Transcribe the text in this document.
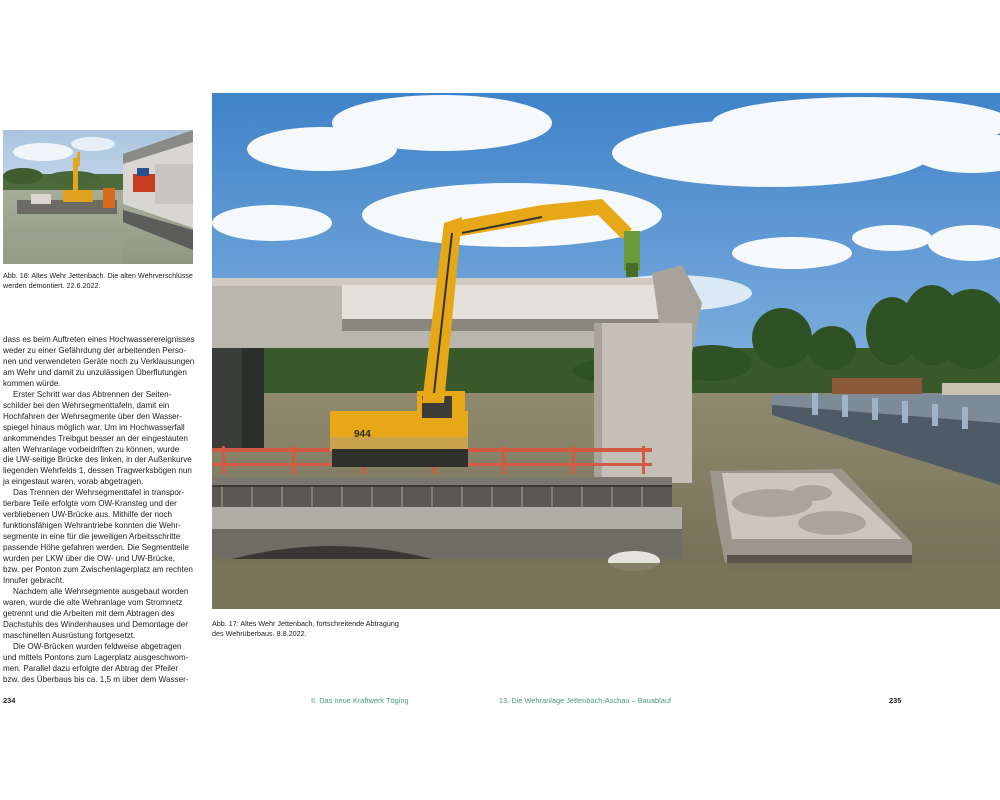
Abb. 16: Altes Wehr Jettenbach. Die alten Wehrverschlüsse
werden demontiert. 22.6.2022.

dass es beim Auftreten eines Hochwasserereignisses

weder zu einer Gefährdung der arbeitenden Perso-

nen und verwendeten Geräte noch zu Verklausungen

am Wehr und damit zu unzulässigen Überflutungen

kommen würde.

Erster Schritt war das Abtrennen der Seiten-

schilder bei den Wehrsegmenttafeln, damit ein

Hochfahren der Wehrsegmente über den Wasser-

spiegel hinaus möglich war. Um im Hochwasserfall

ankommendes Treibgut besser an der eingestauten

alten Wehranlage vorbeidriften zu können, wurde

die UW-seitige Brücke des linken, in der Außenkurve

liegenden Wehrfelds 1, dessen Tragwerksbögen nun

ja eingestaut waren, vorab abgetragen.

Das Trennen der Wehrsegmenttafel in transpor-

tierbare Teile erfolgte vom OW-Kransteg und der

verbliebenen UW-Brücke aus. Mithilfe der noch

funktionsfähigen Wehrantriebe konnten die Wehr-

segmente in eine für die jeweiligen Arbeitsschritte

passende Höhe gefahren werden. Die Segmentteile

wurden per LKW über die OW- und UW-Brücke,

bzw. per Ponton zum Zwischenlagerplatz am rechten

Innufer gebracht.

Nachdem alle Wehrsegmente ausgebaut worden

waren, wurde die alte Wehranlage vom Stromnetz

getrennt und die Arbeiten mit dem Abtragen des

Dachstuhls des Windenhauses und Demontage der

maschinellen Ausrüstung fortgesetzt.

Die OW-Brücken wurden feldweise abgetragen

und mittels Pontons zum Lagerplatz ausgeschwom-

men. Parallel dazu erfolgte der Abtrag der Pfeiler

bzw. des Überbaus bis ca. 1,5 m über dem Wasser-

944
Abb. 17: Altes Wehr Jettenbach, fortschreitende Abtragung
des Wehrüberbaus. 8.8.2022.
234	II. Das neue Kraftwerk Töging	13. Die Wehranlage Jettenbach-Aschau – Bauablauf	235
